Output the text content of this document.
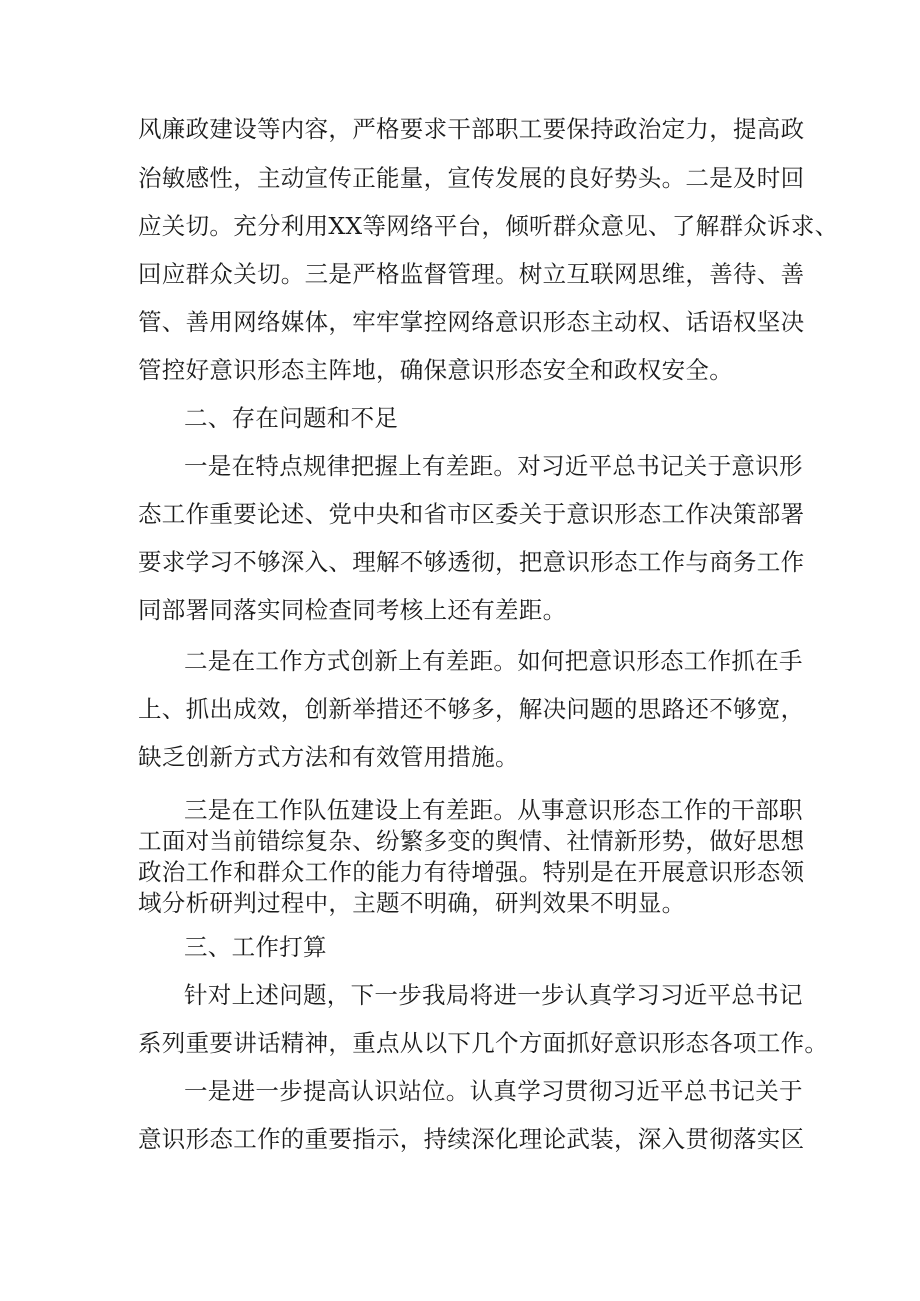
风廉政建设等内容，严格要求干部职工要保持政治定力，提高政
治敏感性，主动宣传正能量，宣传发展的良好势头。二是及时回
应关切。充分利用XX等网络平台，倾听群众意见、了解群众诉求、
回应群众关切。三是严格监督管理。树立互联网思维，善待、善
管、善用网络媒体，牢牢掌控网络意识形态主动权、话语权坚决
管控好意识形态主阵地，确保意识形态安全和政权安全。
二、存在问题和不足
一是在特点规律把握上有差距。对习近平总书记关于意识形
态工作重要论述、党中央和省市区委关于意识形态工作决策部署
要求学习不够深入、理解不够透彻，把意识形态工作与商务工作
同部署同落实同检查同考核上还有差距。
二是在工作方式创新上有差距。如何把意识形态工作抓在手
上、抓出成效，创新举措还不够多，解决问题的思路还不够宽，
缺乏创新方式方法和有效管用措施。
三是在工作队伍建设上有差距。从事意识形态工作的干部职
工面对当前错综复杂、纷繁多变的舆情、社情新形势，做好思想
政治工作和群众工作的能力有待增强。特别是在开展意识形态领
域分析研判过程中，主题不明确，研判效果不明显。
三、工作打算
针对上述问题，下一步我局将进一步认真学习习近平总书记
系列重要讲话精神，重点从以下几个方面抓好意识形态各项工作。
一是进一步提高认识站位。认真学习贯彻习近平总书记关于
意识形态工作的重要指示，持续深化理论武装，深入贯彻落实区
